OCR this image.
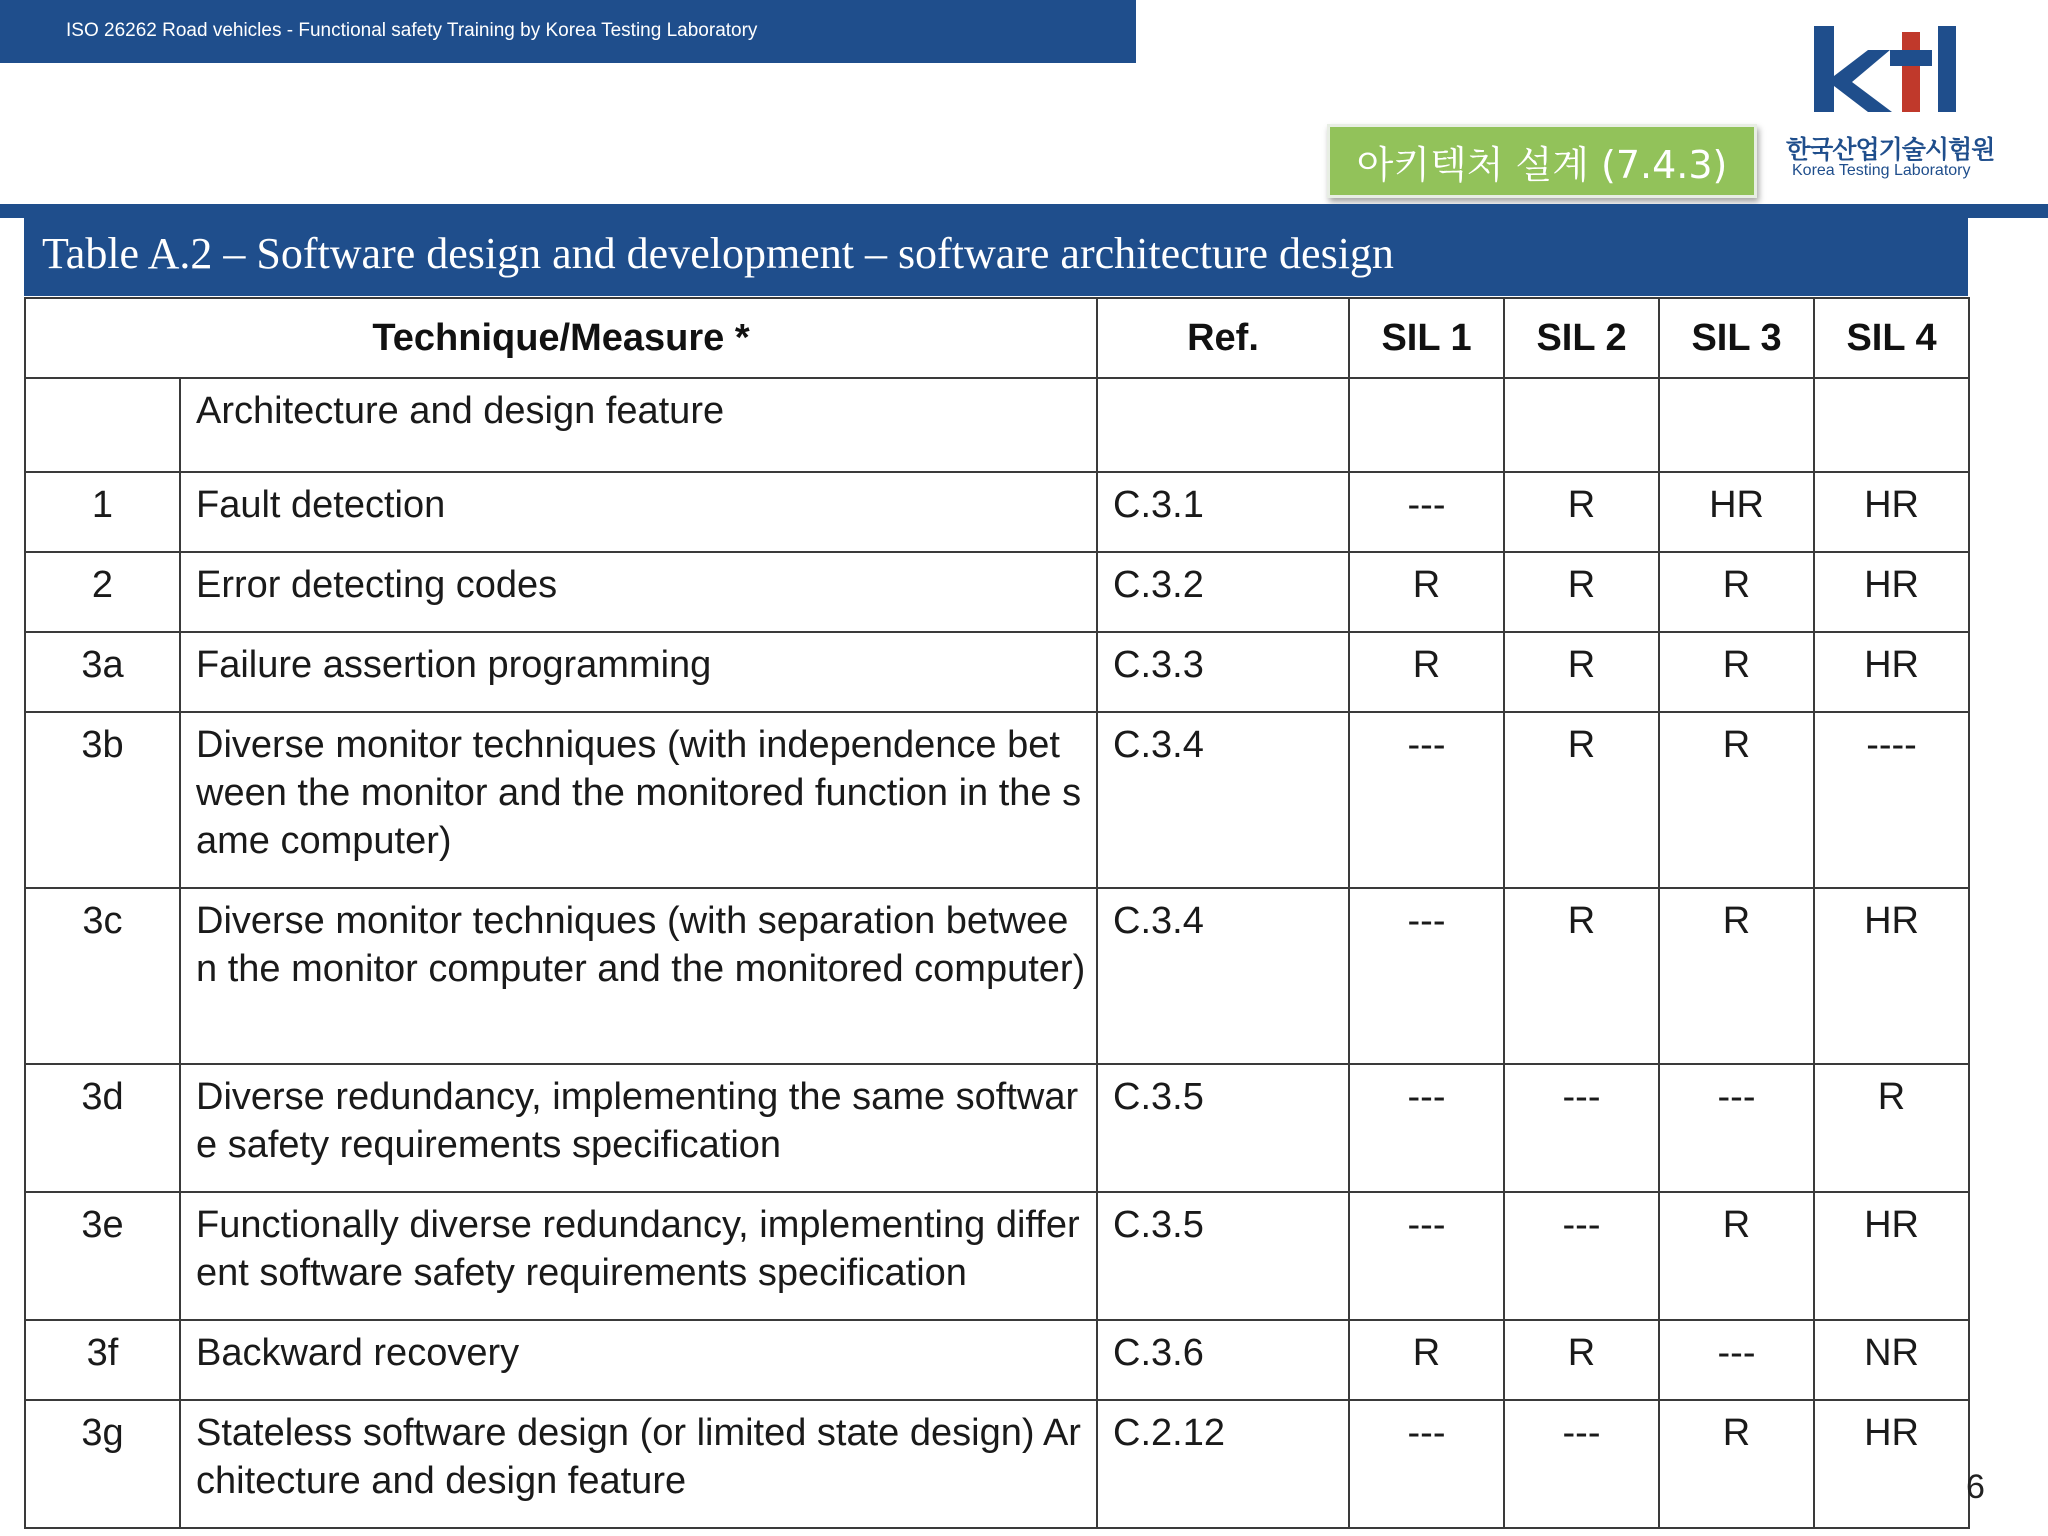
ISO 26262 Road vehicles - Functional safety Training by Korea Testing Laboratory
한국산업기술시험원
Korea Testing Laboratory
아키텍처 설계 (7.4.3)
Table A.2 – Software design and development – software architecture design
Technique/Measure *		Ref.	SIL 1	SIL 2	SIL 3	SIL 4
	Architecture and design feature					
1	Fault detection	C.3.1	---	R	HR	HR
2	Error detecting codes	C.3.2	R	R	R	HR
3a	Failure assertion programming	C.3.3	R	R	R	HR
3b	Diverse monitor techniques (with independence between the monitor and the monitored function in the same computer)	C.3.4	---	R	R	----
3c	Diverse monitor techniques (with separation between the monitor computer and the monitored computer)	C.3.4	---	R	R	HR
3d	Diverse redundancy, implementing the same software safety requirements specification	C.3.5	---	---	---	R
3e	Functionally diverse redundancy, implementing different software safety requirements specification	C.3.5	---	---	R	HR
3f	Backward recovery	C.3.6	R	R	---	NR
3g	Stateless software design (or limited state design) Architecture and design feature	C.2.12	---	---	R	HR
6
